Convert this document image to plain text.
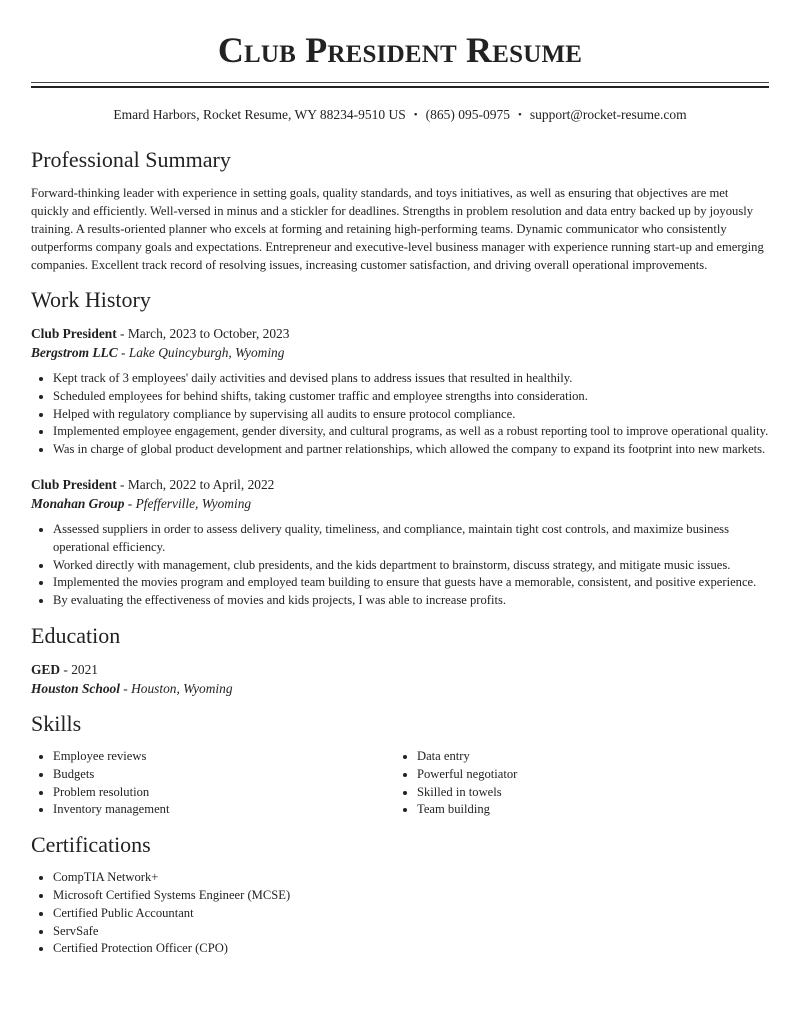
Club President Resume
Emard Harbors, Rocket Resume, WY 88234-9510 US • (865) 095-0975 • support@rocket-resume.com
Professional Summary

Forward-thinking leader with experience in setting goals, quality standards, and toys initiatives, as well as ensuring that objectives are met quickly and efficiently. Well-versed in minus and a stickler for deadlines. Strengths in problem resolution and data entry backed up by joyously training. A results-oriented planner who excels at forming and retaining high-performing teams. Dynamic communicator who consistently outperforms company goals and expectations. Entrepreneur and executive-level business manager with experience running start-up and emerging companies. Excellent track record of resolving issues, increasing customer satisfaction, and driving overall operational improvements.

Work History
Club President - March, 2023 to October, 2023
Bergstrom LLC - Lake Quincyburgh, Wyoming
Kept track of 3 employees' daily activities and devised plans to address issues that resulted in healthily.
Scheduled employees for behind shifts, taking customer traffic and employee strengths into consideration.
Helped with regulatory compliance by supervising all audits to ensure protocol compliance.
Implemented employee engagement, gender diversity, and cultural programs, as well as a robust reporting tool to improve operational quality.
Was in charge of global product development and partner relationships, which allowed the company to expand its footprint into new markets.
Club President - March, 2022 to April, 2022
Monahan Group - Pfefferville, Wyoming
Assessed suppliers in order to assess delivery quality, timeliness, and compliance, maintain tight cost controls, and maximize business operational efficiency.
Worked directly with management, club presidents, and the kids department to brainstorm, discuss strategy, and mitigate music issues.
Implemented the movies program and employed team building to ensure that guests have a memorable, consistent, and positive experience.
By evaluating the effectiveness of movies and kids projects, I was able to increase profits.
Education
GED - 2021
Houston School - Houston, Wyoming
Skills
Employee reviews
Budgets
Problem resolution
Inventory management
Data entry
Powerful negotiator
Skilled in towels
Team building
Certifications
CompTIA Network+
Microsoft Certified Systems Engineer (MCSE)
Certified Public Accountant
ServSafe
Certified Protection Officer (CPO)
